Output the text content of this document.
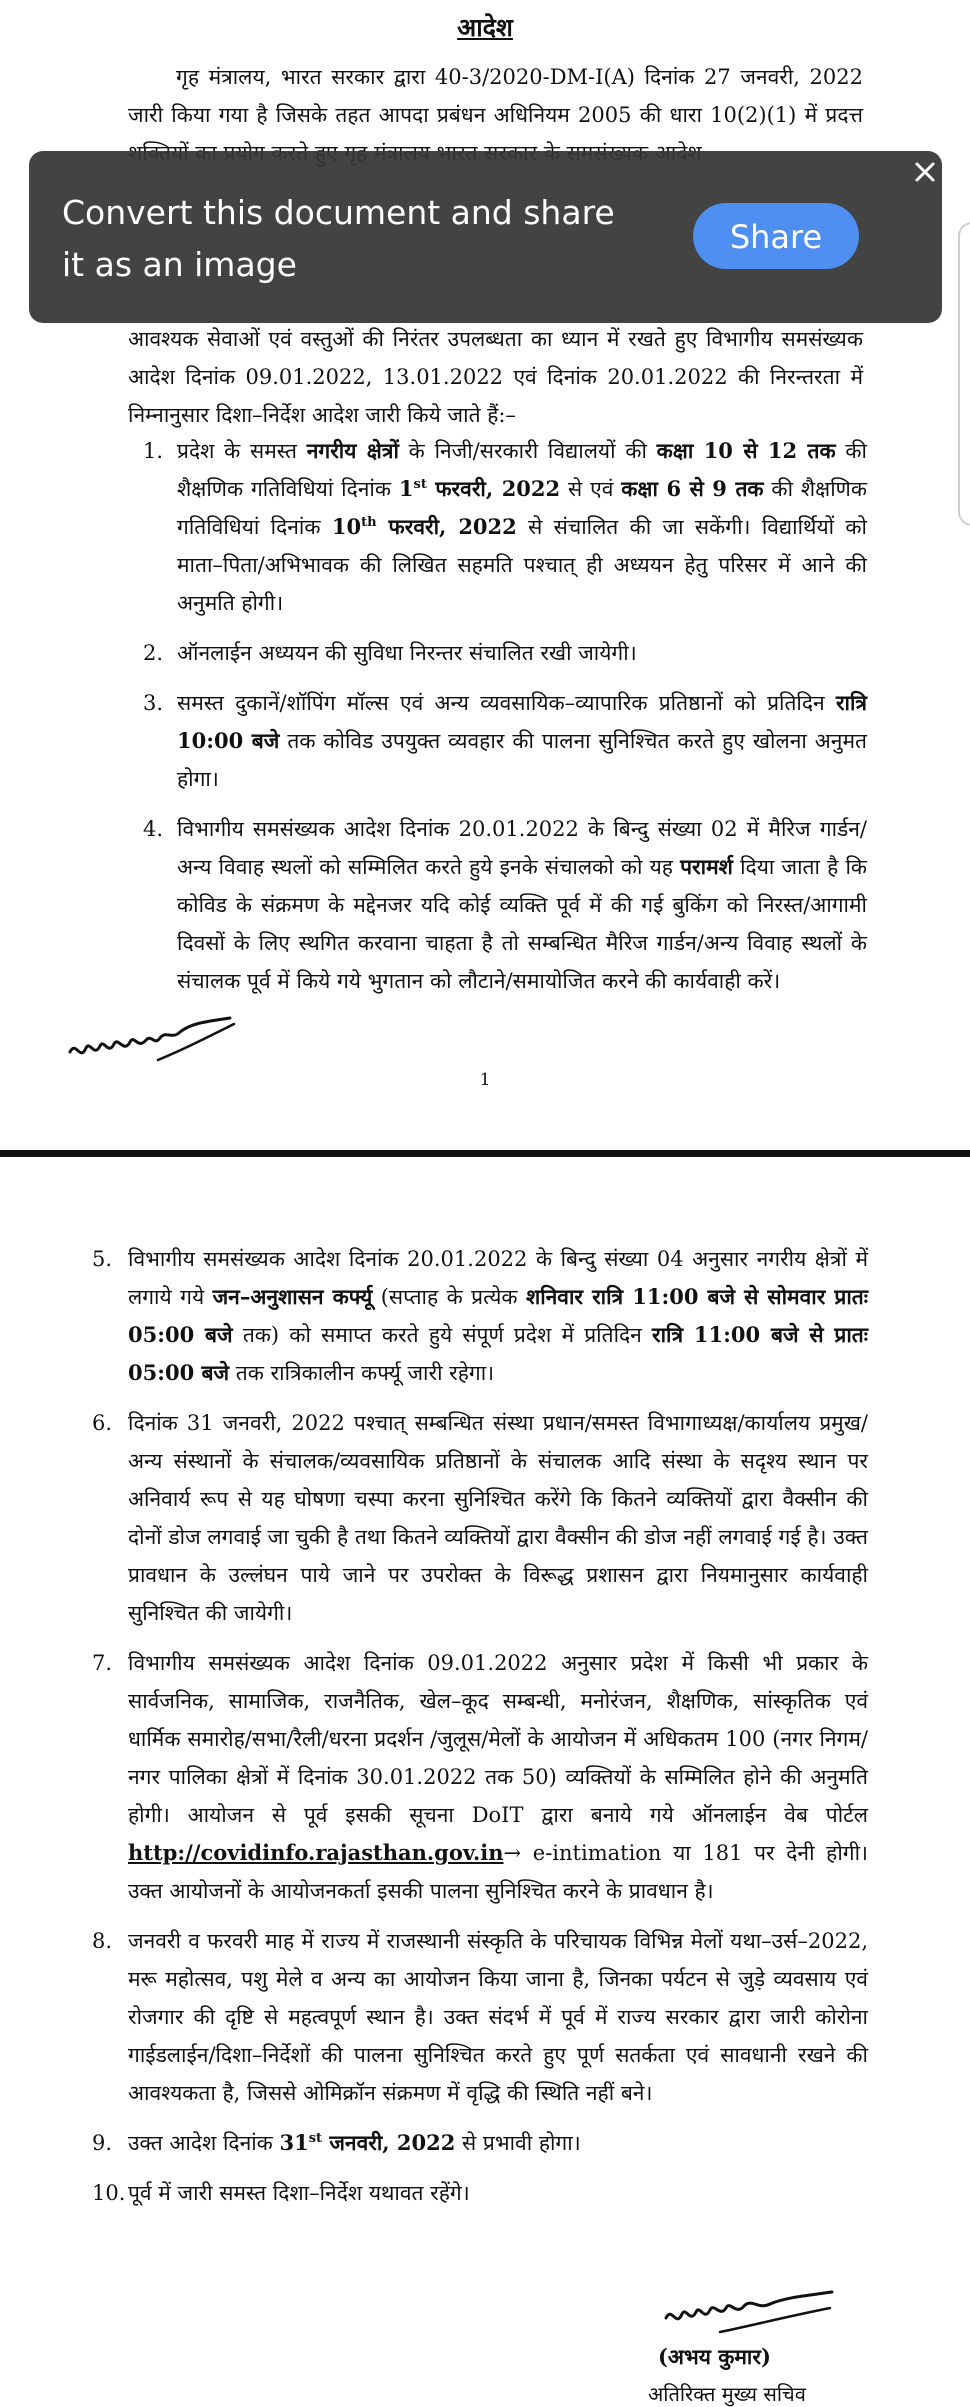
आदेश
गृह मंत्रालय, भारत सरकार द्वारा 40-3/2020-DM-I(A) दिनांक 27 जनवरी, 2022 जारी किया गया है जिसके तहत आपदा प्रबंधन अधिनियम 2005 की धारा 10(2)(1) में प्रदत्त
आवश्यक सेवाओं एवं वस्तुओं की निरंतर उपलब्धता का ध्यान में रखते हुए विभागीय समसंख्यक आदेश दिनांक 09.01.2022, 13.01.2022 एवं दिनांक 20.01.2022 की निरन्तरता में निम्नानुसार दिशा–निर्देश आदेश जारी किये जाते हैं:–
1. प्रदेश के समस्त नगरीय क्षेत्रों के निजी/सरकारी विद्यालयों की कक्षा 10 से 12 तक की शैक्षणिक गतिविधियां दिनांक 1st फरवरी, 2022 से एवं कक्षा 6 से 9 तक की शैक्षणिक गतिविधियां दिनांक 10th फरवरी, 2022 से संचालित की जा सकेंगी। विद्यार्थियों को माता–पिता/अभिभावक की लिखित सहमति पश्चात् ही अध्ययन हेतु परिसर में आने की अनुमति होगी।
2. ऑनलाईन अध्ययन की सुविधा निरन्तर संचालित रखी जायेगी।
3. समस्त दुकानें/शॉपिंग मॉल्स एवं अन्य व्यवसायिक–व्यापारिक प्रतिष्ठानों को प्रतिदिन रात्रि 10:00 बजे तक कोविड उपयुक्त व्यवहार की पालना सुनिश्चित करते हुए खोलना अनुमत होगा।
4. विभागीय समसंख्यक आदेश दिनांक 20.01.2022 के बिन्दु संख्या 02 में मैरिज गार्डन/अन्य विवाह स्थलों को सम्मिलित करते हुये इनके संचालको को यह परामर्श दिया जाता है कि कोविड के संक्रमण के मद्देनजर यदि कोई व्यक्ति पूर्व में की गई बुकिंग को निरस्त/आगामी दिवसों के लिए स्थगित करवाना चाहता है तो सम्बन्धित मैरिज गार्डन/अन्य विवाह स्थलों के संचालक पूर्व में किये गये भुगतान को लौटाने/समायोजित करने की कार्यवाही करें।
1
5. विभागीय समसंख्यक आदेश दिनांक 20.01.2022 के बिन्दु संख्या 04 अनुसार नगरीय क्षेत्रों में लगाये गये जन–अनुशासन कर्फ्यू (सप्ताह के प्रत्येक शनिवार रात्रि 11:00 बजे से सोमवार प्रातः 05:00 बजे तक) को समाप्त करते हुये संपूर्ण प्रदेश में प्रतिदिन रात्रि 11:00 बजे से प्रातः 05:00 बजे तक रात्रिकालीन कर्फ्यू जारी रहेगा।
6. दिनांक 31 जनवरी, 2022 पश्चात् सम्बन्धित संस्था प्रधान/समस्त विभागाध्यक्ष/कार्यालय प्रमुख/अन्य संस्थानों के संचालक/व्यवसायिक प्रतिष्ठानों के संचालक आदि संस्था के सदृश्य स्थान पर अनिवार्य रूप से यह घोषणा चस्पा करना सुनिश्चित करेंगे कि कितने व्यक्तियों द्वारा वैक्सीन की दोनों डोज लगवाई जा चुकी है तथा कितने व्यक्तियों द्वारा वैक्सीन की डोज नहीं लगवाई गई है। उक्त प्रावधान के उल्लंघन पाये जाने पर उपरोक्त के विरूद्ध प्रशासन द्वारा नियमानुसार कार्यवाही सुनिश्चित की जायेगी।
7. विभागीय समसंख्यक आदेश दिनांक 09.01.2022 अनुसार प्रदेश में किसी भी प्रकार के सार्वजनिक, सामाजिक, राजनैतिक, खेल–कूद सम्बन्धी, मनोरंजन, शैक्षणिक, सांस्कृतिक एवं धार्मिक समारोह/सभा/रैली/धरना प्रदर्शन /जुलूस/मेलों के आयोजन में अधिकतम 100 (नगर निगम/नगर पालिका क्षेत्रों में दिनांक 30.01.2022 तक 50) व्यक्तियों के सम्मिलित होने की अनुमति होगी। आयोजन से पूर्व इसकी सूचना DoIT द्वारा बनाये गये ऑनलाईन वेब पोर्टल http://covidinfo.rajasthan.gov.in→ e-intimation या 181 पर देनी होगी। उक्त आयोजनों के आयोजनकर्ता इसकी पालना सुनिश्चित करने के प्रावधान है।
8. जनवरी व फरवरी माह में राज्य में राजस्थानी संस्कृति के परिचायक विभिन्न मेलों यथा–उर्स–2022, मरू महोत्सव, पशु मेले व अन्य का आयोजन किया जाना है, जिनका पर्यटन से जुड़े व्यवसाय एवं रोजगार की दृष्टि से महत्वपूर्ण स्थान है। उक्त संदर्भ में पूर्व में राज्य सरकार द्वारा जारी कोरोना गाईडलाईन/दिशा–निर्देशों की पालना सुनिश्चित करते हुए पूर्ण सतर्कता एवं सावधानी रखने की आवश्यकता है, जिससे ओमिक्रॉन संक्रमण में वृद्धि की स्थिति नहीं बने।
9. उक्त आदेश दिनांक 31st जनवरी, 2022 से प्रभावी होगा।
10. पूर्व में जारी समस्त दिशा–निर्देश यथावत रहेंगे।
(अभय कुमार)
अतिरिक्त मुख्य सचिव
Convert this document and share it as an image
Share
